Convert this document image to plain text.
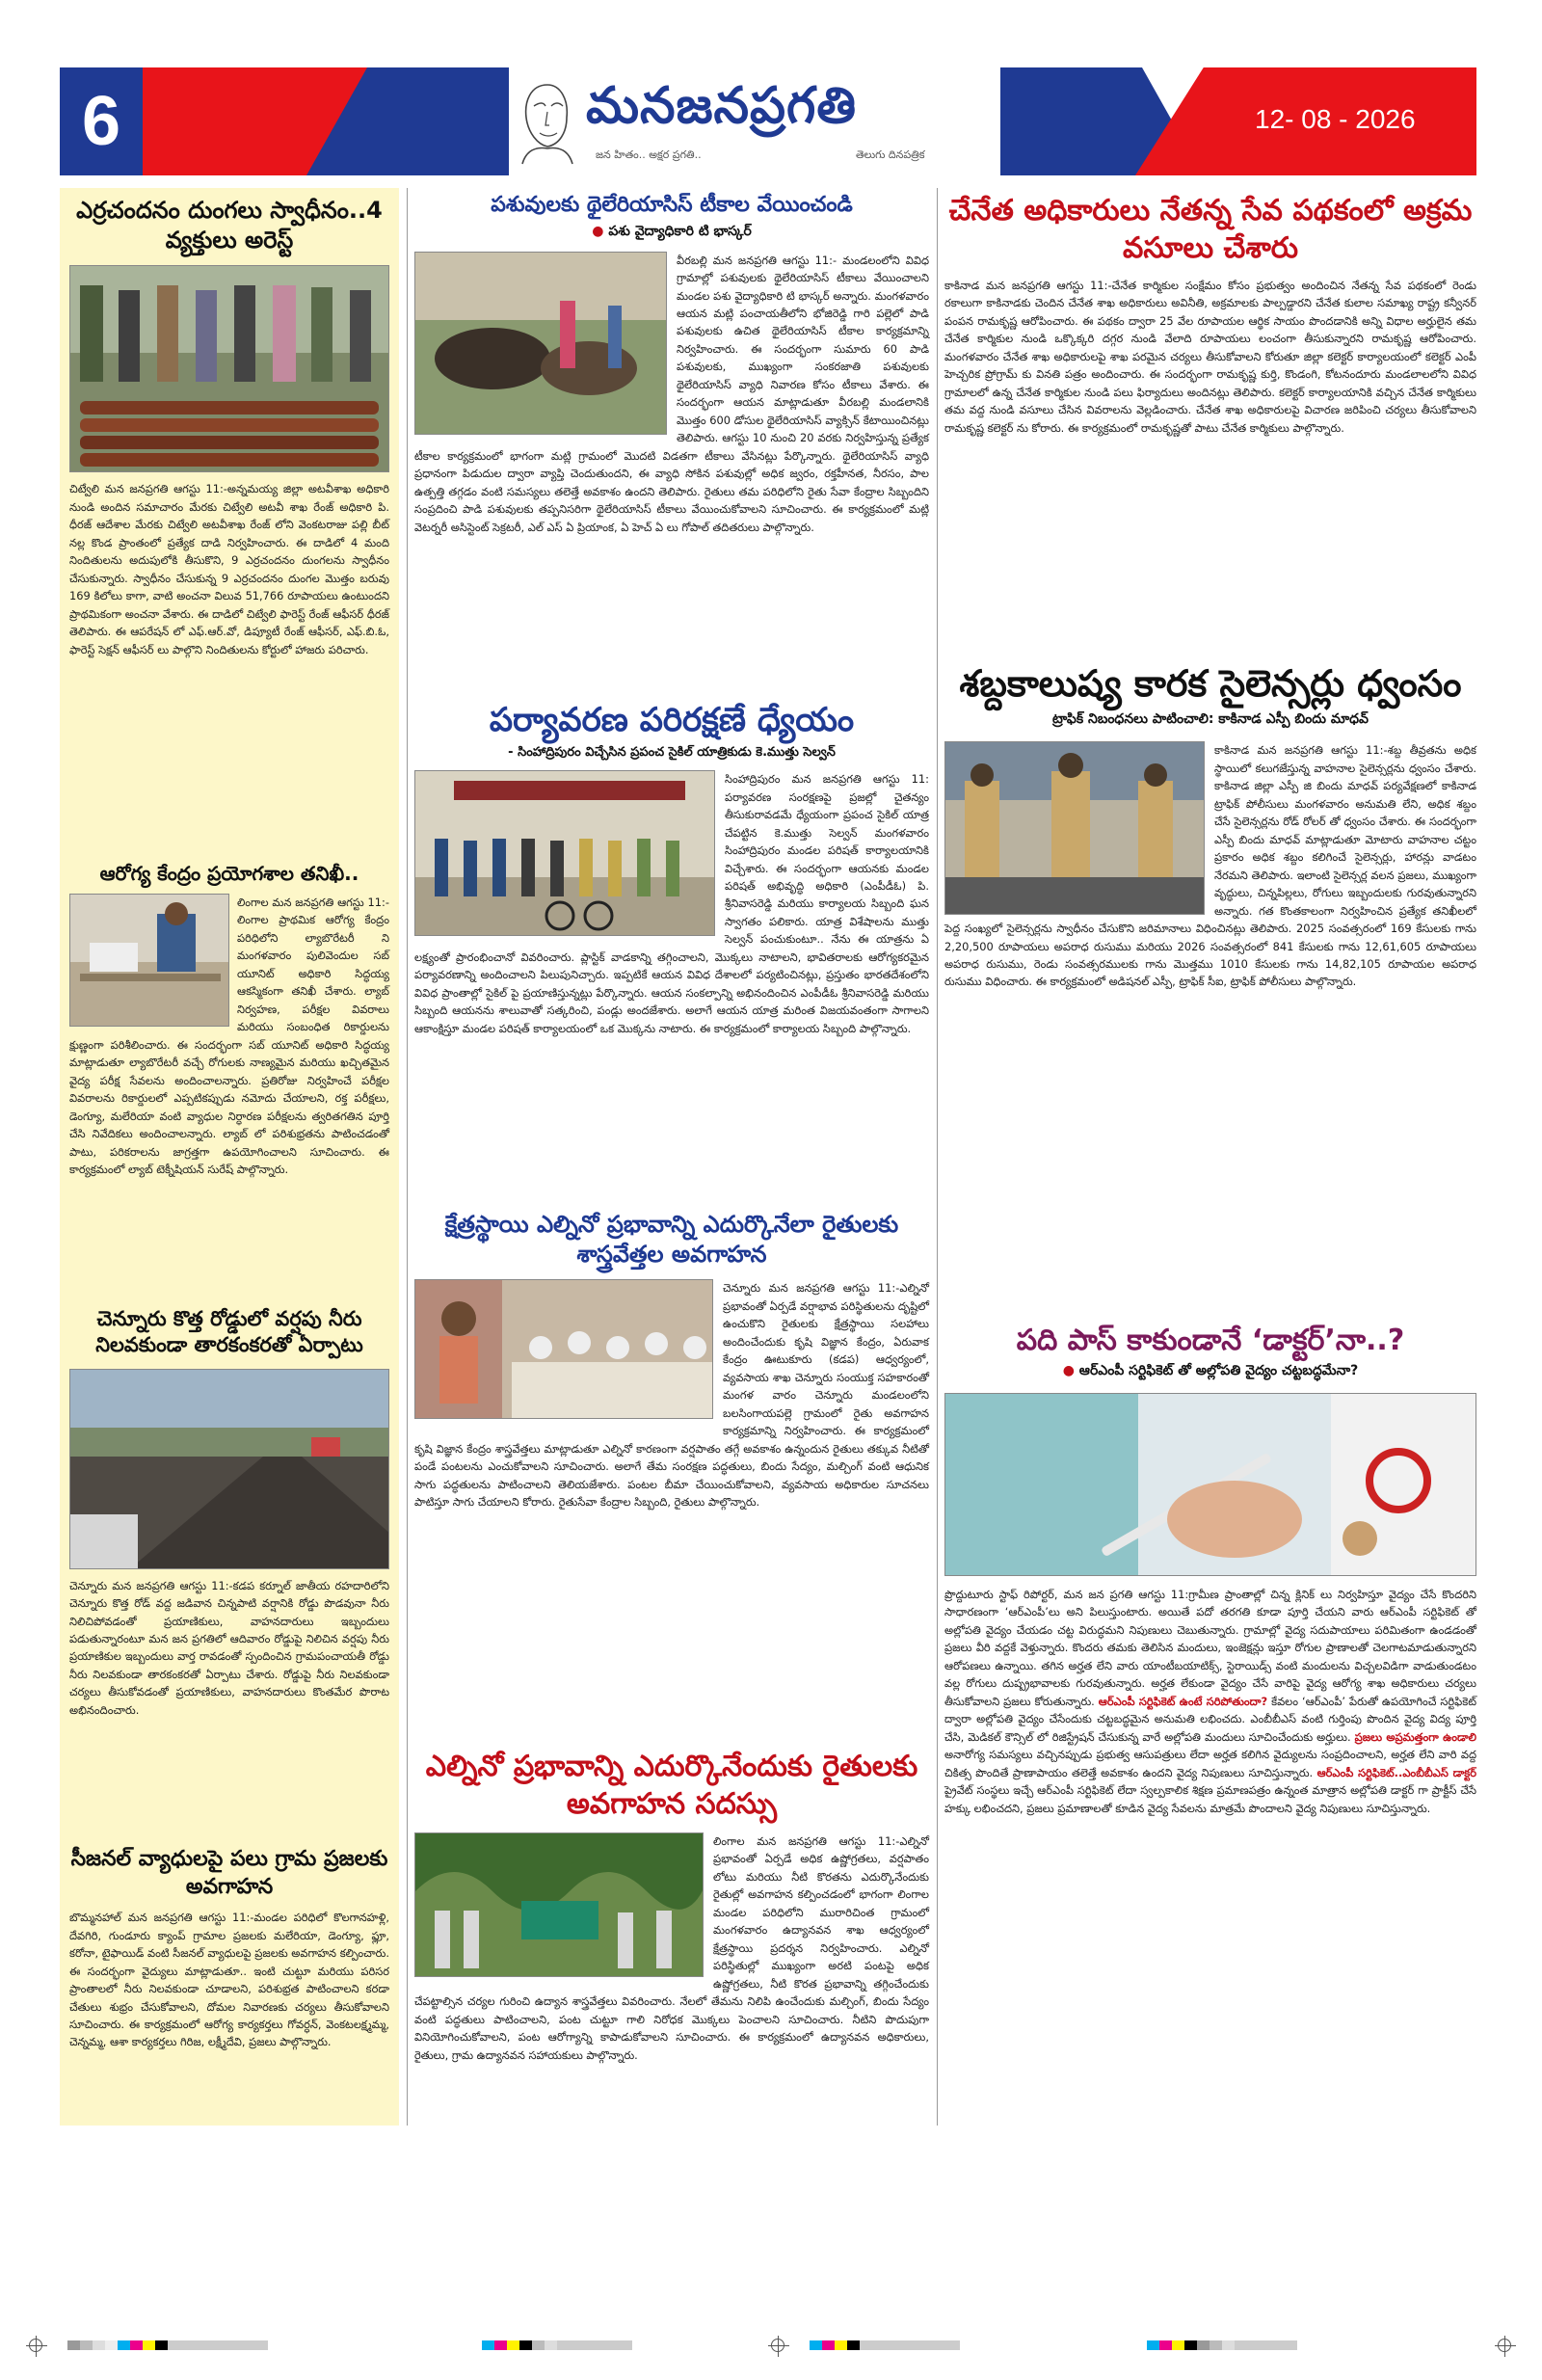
6	మనజనప్రగతి
జన హితం.. అక్షర ప్రగతి..	తెలుగు దినపత్రిక
12- 08 - 2026
ఎర్రచందనం దుంగలు స్వాధీనం..4 వ్యక్తులు అరెస్ట్
చిట్వేలి మన జనప్రగతి ఆగస్టు 11:-అన్నమయ్య జిల్లా అటవీశాఖ అధికారి నుండి అందిన సమాచారం మేరకు చిట్వేలి అటవీ శాఖ రేంజ్ అధికారి పి. ధీరజ్ ఆదేశాల మేరకు చిట్వేలి అటవీశాఖ రేంజ్ లోని వెంకటరాజు పల్లి బీట్ నల్ల కొండ ప్రాంతంలో ప్రత్యేక దాడి నిర్వహించారు. ఈ దాడిలో 4 మంది నిందితులను అదుపులోకి తీసుకొని, 9 ఎర్రచందనం దుంగలను స్వాధీనం చేసుకున్నారు. స్వాధీనం చేసుకున్న 9 ఎర్రచందనం దుంగల మొత్తం బరువు 169 కిలోలు కాగా, వాటి అంచనా విలువ 51,766 రూపాయలు ఉంటుందని ప్రాథమికంగా అంచనా వేశారు. ఈ దాడిలో చిట్వేలి ఫారెస్ట్ రేంజ్ ఆఫీసర్ ధీరజ్ తెలిపారు. ఈ ఆపరేషన్ లో ఎఫ్.ఆర్.వో, డిప్యూటీ రేంజ్ ఆఫీసర్, ఎఫ్.బి.ఓ, ఫారెస్ట్ సెక్షన్ ఆఫీసర్ లు పాల్గొని నిందితులను కోర్టులో హాజరు పరిచారు.
ఆరోగ్య కేంద్రం ప్రయోగశాల తనిఖీ..
లింగాల మన జనప్రగతి ఆగస్టు 11:- లింగాల ప్రాథమిక ఆరోగ్య కేంద్రం పరిధిలోని ల్యాబొరేటరీ ని మంగళవారం పులివెందుల సబ్ యూనిట్ అధికారి సిద్ధయ్య ఆకస్మికంగా తనిఖీ చేశారు. ల్యాబ్ నిర్వహణ, పరీక్షల వివరాలు మరియు సంబంధిత రికార్డులను క్షుణ్ణంగా పరిశీలించారు. ఈ సందర్భంగా సబ్ యూనిట్ అధికారి సిద్ధయ్య మాట్లాడుతూ ల్యాబొరేటరీ వచ్చే రోగులకు నాణ్యమైన మరియు ఖచ్చితమైన వైద్య పరీక్ష సేవలను అందించాలన్నారు. ప్రతిరోజు నిర్వహించే పరీక్షల వివరాలను రికార్డులలో ఎప్పటికప్పుడు నమోదు చేయాలని, రక్త పరీక్షలు, డెంగ్యూ, మలేరియా వంటి వ్యాధుల నిర్ధారణ పరీక్షలను త్వరితగతిన పూర్తి చేసి నివేదికలు అందించాలన్నారు. ల్యాబ్ లో పరిశుభ్రతను పాటించడంతో పాటు, పరికరాలను జాగ్రత్తగా ఉపయోగించాలని సూచించారు. ఈ కార్యక్రమంలో ల్యాబ్ టెక్నీషియన్ సురేష్ పాల్గొన్నారు.
చెన్నూరు కొత్త రోడ్డులో వర్షపు నీరు నిలవకుండా తారకంకరతో ఏర్పాటు
చెన్నూరు మన జనప్రగతి ఆగస్టు 11:-కడప కర్నూల్ జాతీయ రహదారిలోని చెన్నూరు కొత్త రోడ్ వద్ద జడివాన చిన్నపాటి వర్షానికి రోడ్డు పొడవునా నీరు నిలిచిపోవడంతో ప్రయాణికులు, వాహనదారులు ఇబ్బందులు పడుతున్నారంటూ మన జన ప్రగతిలో ఆదివారం రోడ్డుపై నిలిచిన వర్షపు నీరు ప్రయాణికుల ఇబ్బందులు వార్త రావడంతో స్పందించిన గ్రామపంచాయతీ రోడ్డు నీరు నిలవకుండా తారకంకరతో ఏర్పాటు చేశారు. రోడ్డుపై నీరు నిలవకుండా చర్యలు తీసుకోవడంతో ప్రయాణికులు, వాహనదారులు కొంతమేర పొరాట అభినందించారు.
సీజనల్ వ్యాధులపై పలు గ్రామ ప్రజలకు అవగాహన
బొమ్మనహాల్ మన జనప్రగతి ఆగస్టు 11:-మండల పరిధిలో కొలగానహళ్లి, దేవగిరి, గుండూరు క్యాంప్ గ్రామాల ప్రజలకు మలేరియా, డెంగ్యూ, ఫ్లూ, కరోనా, టైఫాయిడ్ వంటి సీజనల్ వ్యాధులపై ప్రజలకు అవగాహన కల్పించారు. ఈ సందర్భంగా వైద్యులు మాట్లాడుతూ.. ఇంటి చుట్టూ మరియు పరిసర ప్రాంతాలలో నీరు నిలవకుండా చూడాలని, పరిశుభ్రత పాటించాలని కరడా చేతులు శుభ్రం చేసుకోవాలని, దోమల నివారణకు చర్యలు తీసుకోవాలని సూచించారు. ఈ కార్యక్రమంలో ఆరోగ్య కార్యకర్తలు గోవర్ధన్, వెంకటలక్ష్మమ్మ, చెన్నమ్మ, ఆశా కార్యకర్తలు గిరిజ, లక్ష్మీదేవి, ప్రజలు పాల్గొన్నారు.
పశువులకు థైలేరియాసిస్ టీకాల వేయించండి
● పశు వైద్యాధికారి టి భాస్కర్
వీరబల్లి మన జనప్రగతి ఆగస్టు 11:- మండలంలోని వివిధ గ్రామాల్లో పశువులకు థైలేరియాసిస్ టీకాలు వేయించాలని మండల పశు వైద్యాధికారి టి భాస్కర్ అన్నారు. మంగళవారం ఆయన మట్లి పంచాయతీలోని భోజిరెడ్డి గారి పల్లెలో పాడి పశువులకు ఉచిత థైలేరియాసిస్ టీకాల కార్యక్రమాన్ని నిర్వహించారు. ఈ సందర్భంగా సుమారు 60 పాడి పశువులకు, ముఖ్యంగా సంకరజాతి పశువులకు థైలేరియాసిస్ వ్యాధి నివారణ కోసం టీకాలు వేశారు. ఈ సందర్భంగా ఆయన మాట్లాడుతూ వీరబల్లి మండలానికి మొత్తం 600 డోసుల థైలేరియాసిస్ వ్యాక్సిన్ కేటాయించినట్లు తెలిపారు. ఆగస్టు 10 నుంచి 20 వరకు నిర్వహిస్తున్న ప్రత్యేక టీకాల కార్యక్రమంలో భాగంగా మట్లి గ్రామంలో మొదటి విడతగా టీకాలు వేసినట్లు పేర్కొన్నారు. థైలేరియాసిస్ వ్యాధి ప్రధానంగా పిడుదుల ద్వారా వ్యాప్తి చెందుతుందని, ఈ వ్యాధి సోకిన పశువుల్లో అధిక జ్వరం, రక్తహీనత, నీరసం, పాల ఉత్పత్తి తగ్గడం వంటి సమస్యలు తలెత్తే అవకాశం ఉందని తెలిపారు. రైతులు తమ పరిధిలోని రైతు సేవా కేంద్రాల సిబ్బందిని సంప్రదించి పాడి పశువులకు తప్పనిసరిగా థైలేరియాసిస్ టీకాలు వేయించుకోవాలని సూచించారు. ఈ కార్యక్రమంలో మట్లి వెటర్నరీ అసిస్టెంట్ సెక్రటరీ, ఎల్ ఎస్ ఏ ప్రియాంక, ఏ హెచ్ ఏ లు గోపాల్ తదితరులు పాల్గొన్నారు.
పర్యావరణ పరిరక్షణే ధ్యేయం
- సింహాద్రిపురం విచ్చేసిన ప్రపంచ సైకిల్ యాత్రికుడు కె.ముత్తు సెల్వన్
సింహాద్రిపురం మన జనప్రగతి ఆగస్టు 11: పర్యావరణ సంరక్షణపై ప్రజల్లో చైతన్యం తీసుకురావడమే ధ్యేయంగా ప్రపంచ సైకిల్ యాత్ర చేపట్టిన కె.ముత్తు సెల్వన్ మంగళవారం సింహాద్రిపురం మండల పరిషత్ కార్యాలయానికి విచ్చేశారు. ఈ సందర్భంగా ఆయనకు మండల పరిషత్ అభివృద్ధి అధికారి (ఎంపీడీఓ) పి. శ్రీనివాసరెడ్డి మరియు కార్యాలయ సిబ్బంది ఘన స్వాగతం పలికారు. యాత్ర విశేషాలను ముత్తు సెల్వన్ పంచుకుంటూ.. నేను ఈ యాత్రను ఏ లక్ష్యంతో ప్రారంభించానో వివరించారు. ప్లాస్టిక్ వాడకాన్ని తగ్గించాలని, మొక్కలు నాటాలని, భావితరాలకు ఆరోగ్యకరమైన పర్యావరణాన్ని అందించాలని పిలుపునిచ్చారు. ఇప్పటికే ఆయన వివిధ దేశాలలో పర్యటించినట్లు, ప్రస్తుతం భారతదేశంలోని వివిధ ప్రాంతాల్లో సైకిల్ పై ప్రయాణిస్తున్నట్లు పేర్కొన్నారు. ఆయన సంకల్పాన్ని అభినందించిన ఎంపీడీఓ శ్రీనివాసరెడ్డి మరియు సిబ్బంది ఆయనను శాలువాతో సత్కరించి, పండ్లు అందజేశారు. అలాగే ఆయన యాత్ర మరింత విజయవంతంగా సాగాలని ఆకాంక్షిస్తూ మండల పరిషత్ కార్యాలయంలో ఒక మొక్కను నాటారు. ఈ కార్యక్రమంలో కార్యాలయ సిబ్బంది పాల్గొన్నారు.
క్షేత్రస్థాయి ఎల్నినో ప్రభావాన్ని ఎదుర్కొనేలా రైతులకు శాస్త్రవేత్తల అవగాహన
చెన్నూరు మన జనప్రగతి ఆగస్టు 11:-ఎల్నినో ప్రభావంతో ఏర్పడే వర్షాభావ పరిస్థితులను దృష్టిలో ఉంచుకొని రైతులకు క్షేత్రస్థాయి సలహాలు అందించేందుకు కృషి విజ్ఞాన కేంద్రం, ఏరువాక కేంద్రం ఊటుకూరు (కడప) ఆధ్వర్యంలో, వ్యవసాయ శాఖ చెన్నూరు సంయుక్త సహకారంతో మంగళ వారం చెన్నూరు మండలంలోని బలసింగాయపల్లె గ్రామంలో రైతు అవగాహన కార్యక్రమాన్ని నిర్వహించారు. ఈ కార్యక్రమంలో కృషి విజ్ఞాన కేంద్రం శాస్త్రవేత్తలు మాట్లాడుతూ ఎల్నినో కారణంగా వర్షపాతం తగ్గే అవకాశం ఉన్నందున రైతులు తక్కువ నీటితో పండే పంటలను ఎంచుకోవాలని సూచించారు. అలాగే తేమ సంరక్షణ పద్ధతులు, బిందు సేద్యం, మల్చింగ్ వంటి ఆధునిక సాగు పద్ధతులను పాటించాలని తెలియజేశారు. పంటల బీమా చేయించుకోవాలని, వ్యవసాయ అధికారుల సూచనలు పాటిస్తూ సాగు చేయాలని కోరారు. రైతుసేవా కేంద్రాల సిబ్బంది, రైతులు పాల్గొన్నారు.
ఎల్నినో ప్రభావాన్ని ఎదుర్కొనేందుకు రైతులకు అవగాహన సదస్సు
లింగాల మన జనప్రగతి ఆగస్టు 11:-ఎల్నినో ప్రభావంతో ఏర్పడే అధిక ఉష్ణోగ్రతలు, వర్షపాతం లోటు మరియు నీటి కొరతను ఎదుర్కొనేందుకు రైతుల్లో అవగాహన కల్పించడంలో భాగంగా లింగాల మండల పరిధిలోని మురారిచింత గ్రామంలో మంగళవారం ఉద్యానవన శాఖ ఆధ్వర్యంలో క్షేత్రస్థాయి ప్రదర్శన నిర్వహించారు. ఎల్నినో పరిస్థితుల్లో ముఖ్యంగా అరటి పంటపై అధిక ఉష్ణోగ్రతలు, నీటి కొరత ప్రభావాన్ని తగ్గించేందుకు చేపట్టాల్సిన చర్యల గురించి ఉద్యాన శాస్త్రవేత్తలు వివరించారు. నేలలో తేమను నిలిపి ఉంచేందుకు మల్చింగ్, బిందు సేద్యం వంటి పద్ధతులు పాటించాలని, పంట చుట్టూ గాలి నిరోధక మొక్కలు పెంచాలని సూచించారు. నీటిని పొదుపుగా వినియోగించుకోవాలని, పంట ఆరోగ్యాన్ని కాపాడుకోవాలని సూచించారు. ఈ కార్యక్రమంలో ఉద్యానవన అధికారులు, రైతులు, గ్రామ ఉద్యానవన సహాయకులు పాల్గొన్నారు.
చేనేత అధికారులు నేతన్న సేవ పథకంలో అక్రమ వసూలు చేశారు
కాకినాడ మన జనప్రగతి ఆగస్టు 11:-చేనేత కార్మికుల సంక్షేమం కోసం ప్రభుత్వం అందించిన నేతన్న సేవ పథకంలో రెండు రకాలుగా కాకినాడకు చెందిన చేనేత శాఖ అధికారులు అవినీతి, అక్రమాలకు పాల్పడ్డారని చేనేత కులాల సమాఖ్య రాష్ట్ర కన్వీనర్ పంపన రామకృష్ణ ఆరోపించారు. ఈ పథకం ద్వారా 25 వేల రూపాయల ఆర్థిక సాయం పొందడానికి అన్ని విధాల అర్హులైన తమ చేనేత కార్మికుల నుండి ఒక్కొక్కరి దగ్గర నుండి వేలాది రూపాయలు లంచంగా తీసుకున్నారని రామకృష్ణ ఆరోపించారు. మంగళవారం చేనేత శాఖ అధికారులపై శాఖ పరమైన చర్యలు తీసుకోవాలని కోరుతూ జిల్లా కలెక్టర్ కార్యాలయంలో కలెక్టర్ ఎంపీ హెచ్చరిక ప్రోగ్రామ్ కు వినతి పత్రం అందించారు. ఈ సందర్భంగా రామకృష్ణ కుర్తి, కొండంగి, కోటనందూరు మండలాలలోని వివిధ గ్రామాలలో ఉన్న చేనేత కార్మికుల నుండి పలు ఫిర్యాదులు అందినట్లు తెలిపారు. కలెక్టర్ కార్యాలయానికి వచ్చిన చేనేత కార్మికులు తమ వద్ద నుండి వసూలు చేసిన వివరాలను వెల్లడించారు. చేనేత శాఖ అధికారులపై విచారణ జరిపించి చర్యలు తీసుకోవాలని రామకృష్ణ కలెక్టర్ ను కోరారు. ఈ కార్యక్రమంలో రామకృష్ణతో పాటు చేనేత కార్మికులు పాల్గొన్నారు.
శబ్దకాలుష్య కారక సైలెన్సర్లు ధ్వంసం
ట్రాఫిక్ నిబంధనలు పాటించాలి: కాకినాడ ఎస్పీ బిందు మాధవ్
కాకినాడ మన జనప్రగతి ఆగస్టు 11:-శబ్ద తీవ్రతను అధిక స్థాయిలో కలుగజేస్తున్న వాహనాల సైలెన్సర్లను ధ్వంసం చేశారు. కాకినాడ జిల్లా ఎస్పీ జి బిందు మాధవ్ పర్యవేక్షణలో కాకినాడ ట్రాఫిక్ పోలీసులు మంగళవారం అనుమతి లేని, అధిక శబ్దం చేసే సైలెన్సర్లను రోడ్ రోలర్ తో ధ్వంసం చేశారు. ఈ సందర్భంగా ఎస్పీ బిందు మాధవ్ మాట్లాడుతూ మోటారు వాహనాల చట్టం ప్రకారం అధిక శబ్దం కలిగించే సైలెన్సర్లు, హారన్లు వాడటం నేరమని తెలిపారు. ఇలాంటి సైలెన్సర్ల వలన ప్రజలు, ముఖ్యంగా వృద్ధులు, చిన్నపిల్లలు, రోగులు ఇబ్బందులకు గురవుతున్నారని అన్నారు. గత కొంతకాలంగా నిర్వహించిన ప్రత్యేక తనిఖీలలో పెద్ద సంఖ్యలో సైలెన్సర్లను స్వాధీనం చేసుకొని జరిమానాలు విధించినట్లు తెలిపారు. 2025 సంవత్సరంలో 169 కేసులకు గాను 2,20,500 రూపాయలు అపరాధ రుసుము మరియు 2026 సంవత్సరంలో 841 కేసులకు గాను 12,61,605 రూపాయలు అపరాధ రుసుము, రెండు సంవత్సరములకు గాను మొత్తము 1010 కేసులకు గాను 14,82,105 రూపాయల అపరాధ రుసుము విధించారు. ఈ కార్యక్రమంలో అడిషనల్ ఎస్పీ, ట్రాఫిక్ సీఐ, ట్రాఫిక్ పోలీసులు పాల్గొన్నారు.
పది పాస్ కాకుండానే ‘డాక్టర్’నా..?
● ఆర్ఎంపీ సర్టిఫికెట్ తో అల్లోపతి వైద్యం చట్టబద్ధమేనా?
ప్రొద్దుటూరు స్టాఫ్ రిపోర్టర్, మన జన ప్రగతి ఆగస్టు 11:గ్రామీణ ప్రాంతాల్లో చిన్న క్లినిక్ లు నిర్వహిస్తూ వైద్యం చేసే కొందరిని సాధారణంగా ‘ఆర్ఎంపీ’లు అని పిలుస్తుంటారు. అయితే పదో తరగతి కూడా పూర్తి చేయని వారు ఆర్ఎంపీ సర్టిఫికెట్ తో అల్లోపతి వైద్యం చేయడం చట్ట విరుద్ధమని నిపుణులు చెబుతున్నారు. గ్రామాల్లో వైద్య సదుపాయాలు పరిమితంగా ఉండడంతో ప్రజలు వీరి వద్దకే వెళ్తున్నారు. కొందరు తమకు తెలిసిన మందులు, ఇంజెక్షన్లు ఇస్తూ రోగుల ప్రాణాలతో చెలగాటమాడుతున్నారని ఆరోపణలు ఉన్నాయి. తగిన అర్హత లేని వారు యాంటీబయాటిక్స్, స్టెరాయిడ్స్ వంటి మందులను విచ్చలవిడిగా వాడుతుండటం వల్ల రోగులు దుష్ప్రభావాలకు గురవుతున్నారు. అర్హత లేకుండా వైద్యం చేసే వారిపై వైద్య ఆరోగ్య శాఖ అధికారులు చర్యలు తీసుకోవాలని ప్రజలు కోరుతున్నారు. ఆర్ఎంపీ సర్టిఫికెట్ ఉంటే సరిపోతుందా? కేవలం ‘ఆర్ఎంపీ’ పేరుతో ఉపయోగించే సర్టిఫికెట్ ద్వారా అల్లోపతి వైద్యం చేసేందుకు చట్టబద్ధమైన అనుమతి లభించదు. ఎంబీబీఎస్ వంటి గుర్తింపు పొందిన వైద్య విద్య పూర్తి చేసి, మెడికల్ కౌన్సిల్ లో రిజిస్ట్రేషన్ చేసుకున్న వారే అల్లోపతి మందులు సూచించేందుకు అర్హులు. ప్రజలు అప్రమత్తంగా ఉండాలి అనారోగ్య సమస్యలు వచ్చినప్పుడు ప్రభుత్వ ఆసుపత్రులు లేదా అర్హత కలిగిన వైద్యులను సంప్రదించాలని, అర్హత లేని వారి వద్ద చికిత్స పొందితే ప్రాణాపాయం తలెత్తే అవకాశం ఉందని వైద్య నిపుణులు సూచిస్తున్నారు. ఆర్ఎంపీ సర్టిఫికెట్..ఎంబీబీఎస్ డాక్టర్ ప్రైవేట్ సంస్థలు ఇచ్చే ఆర్ఎంపీ సర్టిఫికెట్ లేదా స్వల్పకాలిక శిక్షణ ప్రమాణపత్రం ఉన్నంత మాత్రాన అల్లోపతి డాక్టర్ గా ప్రాక్టీస్ చేసే హక్కు లభించదని, ప్రజలు ప్రమాణాలతో కూడిన వైద్య సేవలను మాత్రమే పొందాలని వైద్య నిపుణులు సూచిస్తున్నారు.
